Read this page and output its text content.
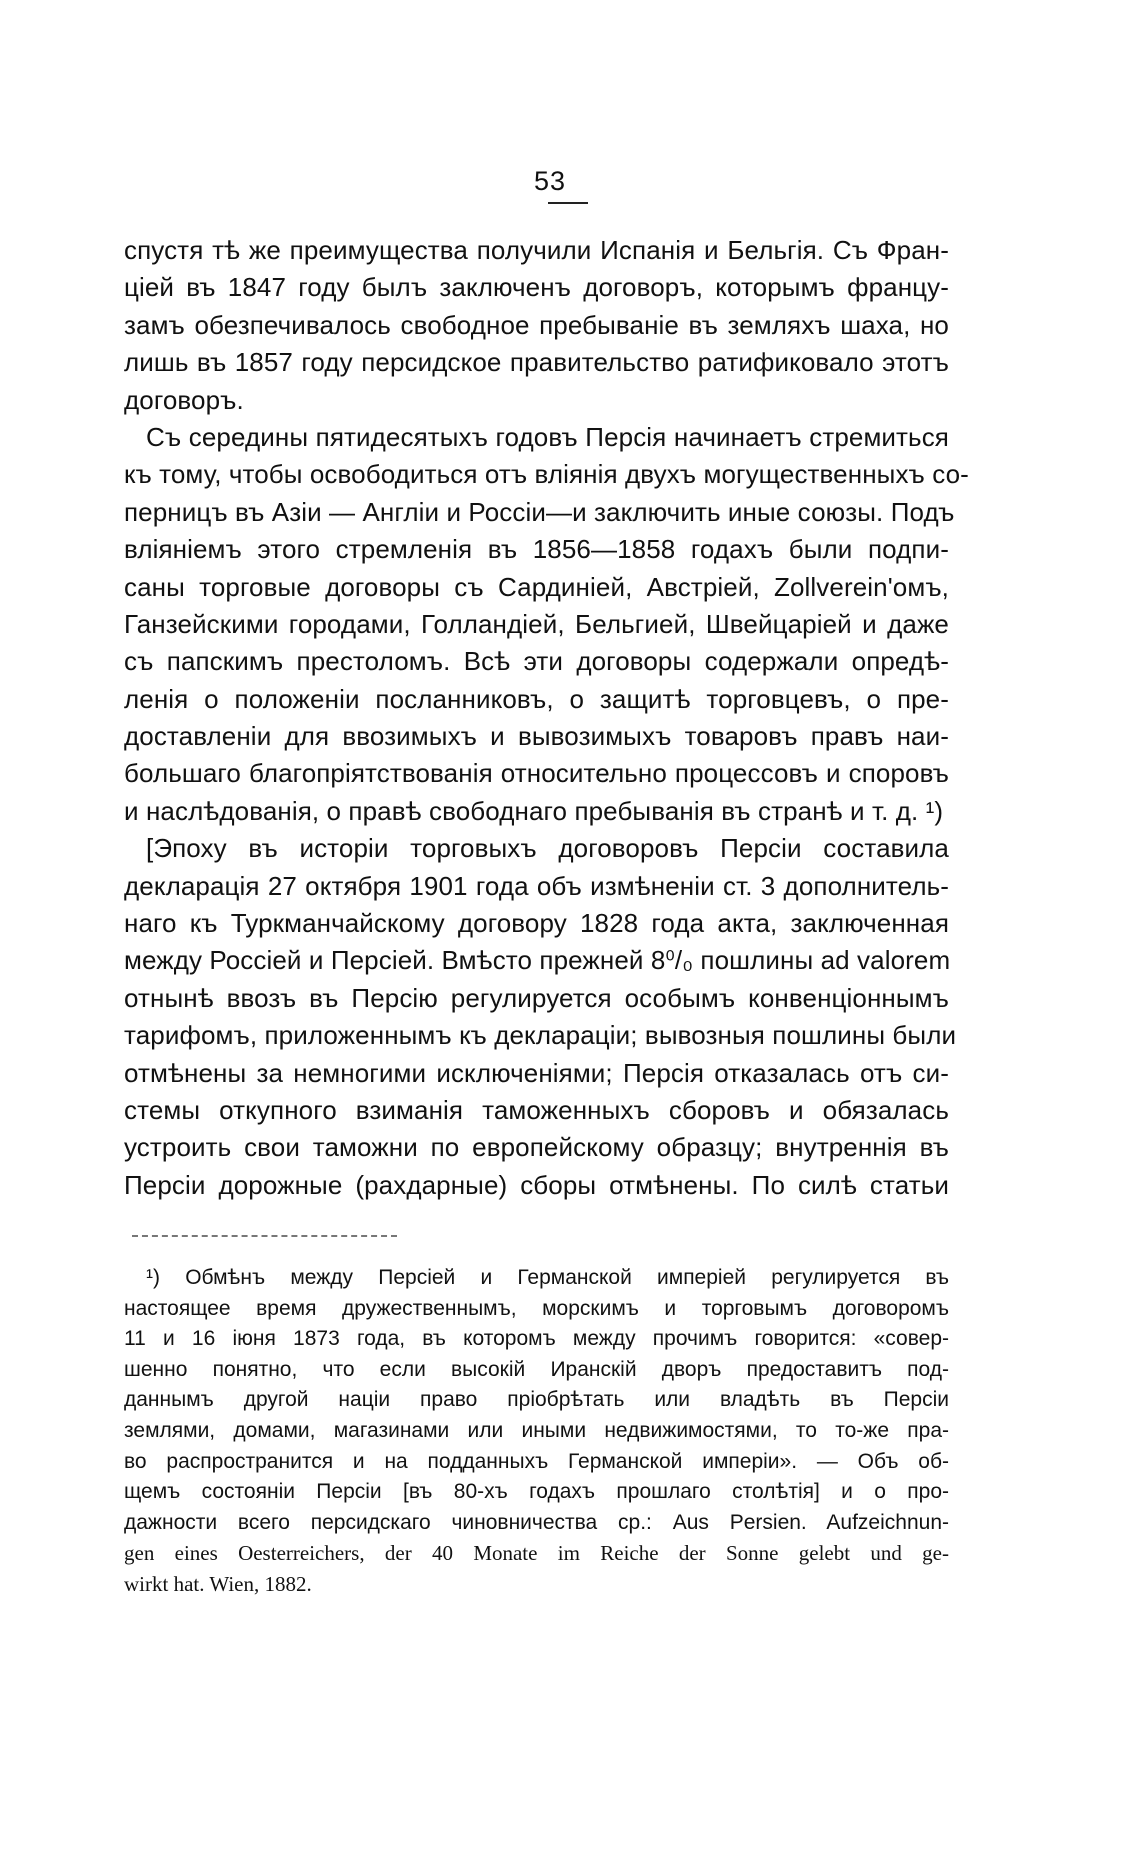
53
спустя тѣ же преимущества получили Испанія и Бельгія. Съ Фран-
ціей въ 1847 году былъ заключенъ договоръ, которымъ францу-
замъ обезпечивалось свободное пребываніе въ земляхъ шаха, но
лишь въ 1857 году персидское правительство ратификовало этотъ
договоръ.
Съ середины пятидесятыхъ годовъ Персія начинаетъ стремиться
къ тому, чтобы освободиться отъ вліянія двухъ могущественныхъ со-
перницъ въ Азіи — Англіи и Россіи—и заключить иные союзы. Подъ
вліяніемъ этого стремленія въ 1856—1858 годахъ были подпи-
саны торговые договоры съ Сардиніей, Австріей, Zollverein'омъ,
Ганзейскими городами, Голландіей, Бельгией, Швейцаріей и даже
съ папскимъ престоломъ. Всѣ эти договоры содержали опредѣ-
ленія о положеніи посланниковъ, о защитѣ торговцевъ, о пре-
доставленіи для ввозимыхъ и вывозимыхъ товаровъ правъ наи-
большаго благопріятствованія относительно процессовъ и споровъ
и наслѣдованія, о правѣ свободнаго пребыванія въ странѣ и т. д. ¹)
[Эпоху въ исторіи торговыхъ договоровъ Персіи составила
декларація 27 октября 1901 года объ измѣненіи ст. 3 дополнитель-
наго къ Туркманчайскому договору 1828 года акта, заключенная
между Россіей и Персіей. Вмѣсто прежней 8⁰/₀ пошлины ad valorem
отнынѣ ввозъ въ Персію регулируется особымъ конвенціоннымъ
тарифомъ, приложеннымъ къ деклараціи; вывозныя пошлины были
отмѣнены за немногими исключеніями; Персія отказалась отъ си-
стемы откупного взиманія таможенныхъ сборовъ и обязалась
устроить свои таможни по европейскому образцу; внутреннія въ
Персіи дорожные (рахдарные) сборы отмѣнены. По силѣ статьи
¹) Обмѣнъ между Персіей и Германской имперіей регулируется въ
настоящее время дружественнымъ, морскимъ и торговымъ договоромъ
11 и 16 іюня 1873 года, въ которомъ между прочимъ говорится: «совер-
шенно понятно, что если высокій Иранскій дворъ предоставитъ под-
даннымъ другой націи право пріобрѣтать или владѣть въ Персіи
землями, домами, магазинами или иными недвижимостями, то то-же пра-
во распространится и на подданныхъ Германской имперіи». — Объ об-
щемъ состояніи Персіи [въ 80-хъ годахъ прошлаго столѣтія] и о про-
дажности всего персидскаго чиновничества ср.: Aus Persien. Aufzeichnun-
gen eines Oesterreichers, der 40 Monate im Reiche der Sonne gelebt und ge-
wirkt hat. Wien, 1882.
